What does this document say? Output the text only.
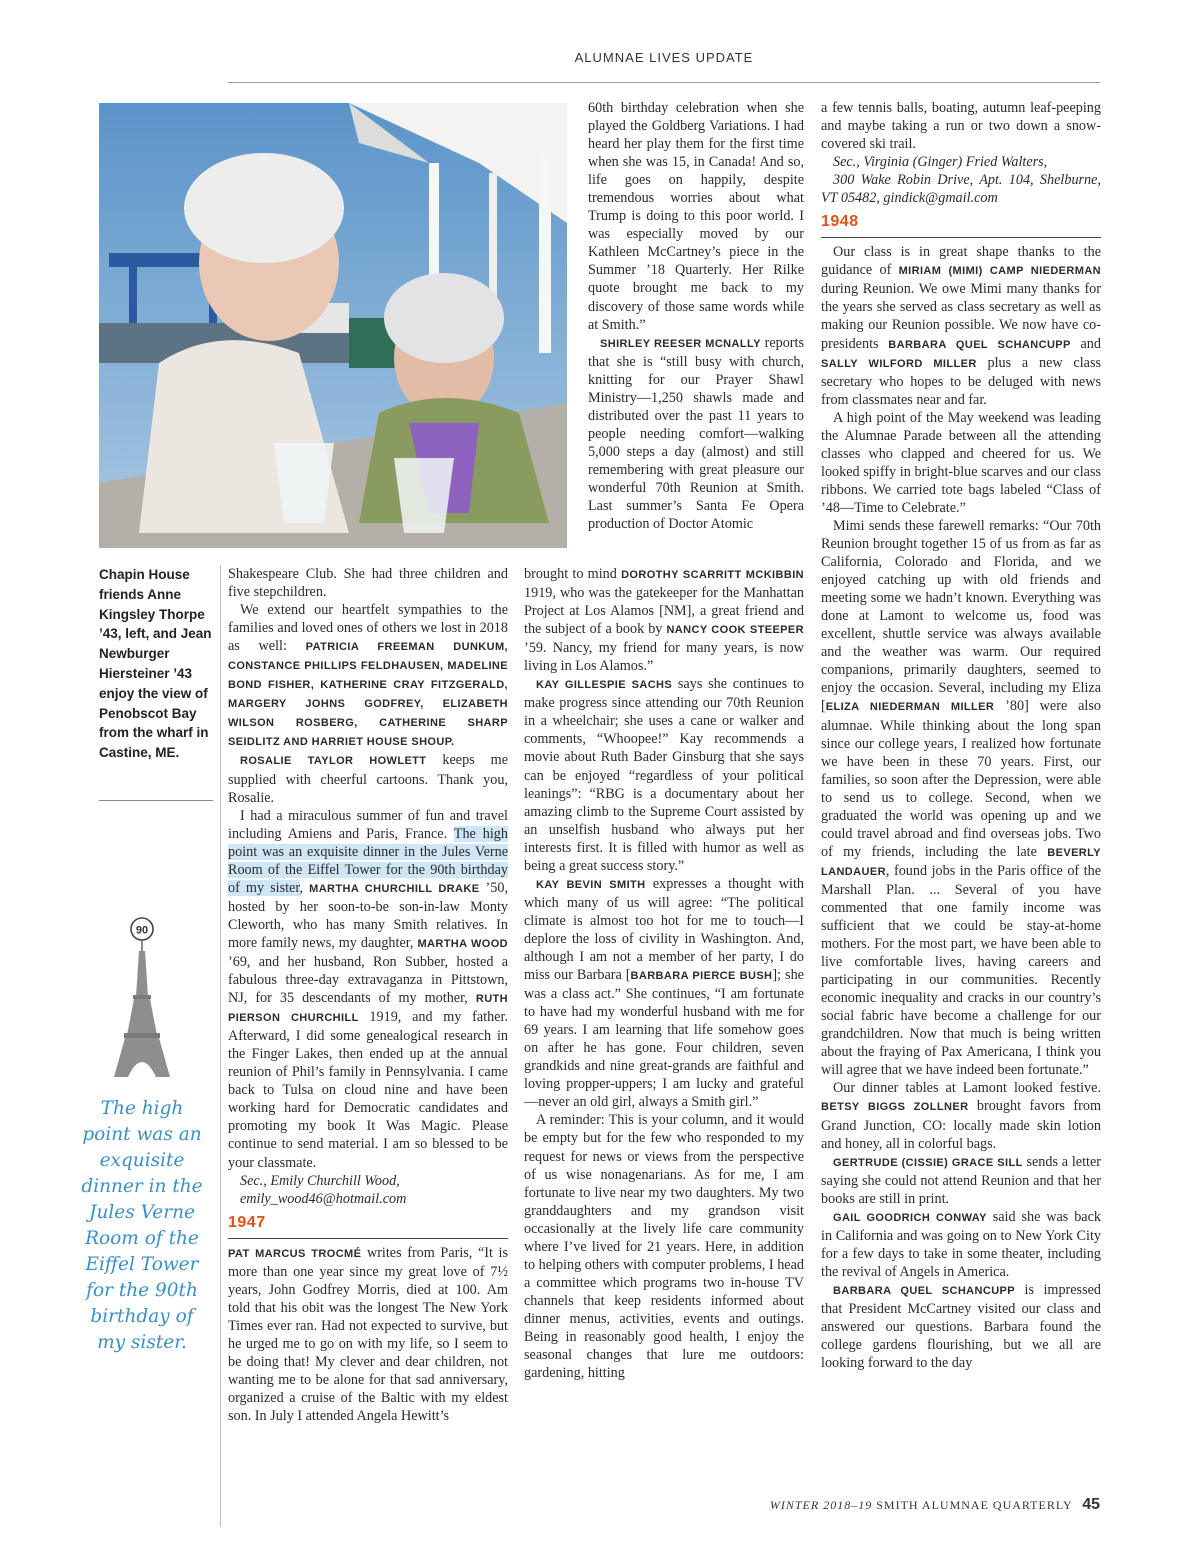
ALUMNAE LIVES UPDATE
Chapin House friends Anne Kingsley Thorpe ’43, left, and Jean Newburger Hiersteiner ’43 enjoy the view of Penobscot Bay from the wharf in Castine, ME.
90
The high point was an exquisite dinner in the Jules Verne Room of the Eiffel Tower for the 90th birthday of my sister.

60th birthday celebration when she played the Goldberg Variations. I had heard her play them for the first time when she was 15, in Canada! And so, life goes on happily, despite tremendous worries about what Trump is doing to this poor world. I was especially moved by our Kathleen McCartney’s piece in the Summer ’18 Quarterly. Her Rilke quote brought me back to my discovery of those same words while at Smith.”

SHIRLEY REESER MCNALLY reports that she is “still busy with church, knitting for our Prayer Shawl Ministry—1,250 shawls made and distributed over the past 11 years to people needing comfort—walking 5,000 steps a day (almost) and still remembering with great pleasure our wonderful 70th Reunion at Smith. Last summer’s Santa Fe Opera production of Doctor Atomic

Shakespeare Club. She had three children and five stepchildren.

We extend our heartfelt sympathies to the families and loved ones of others we lost in 2018 as well: PATRICIA FREEMAN DUNKUM, CONSTANCE PHILLIPS FELDHAUSEN, MADELINE BOND FISHER, KATHERINE CRAY FITZGERALD, MARGERY JOHNS GODFREY, ELIZABETH WILSON ROSBERG, CATHERINE SHARP SEIDLITZ AND HARRIET HOUSE SHOUP.

ROSALIE TAYLOR HOWLETT keeps me supplied with cheerful cartoons. Thank you, Rosalie.

I had a miraculous summer of fun and travel including Amiens and Paris, France. The high point was an exquisite dinner in the Jules Verne Room of the Eiffel Tower for the 90th birthday of my sister, MARTHA CHURCHILL DRAKE ’50, hosted by her soon-to-be son-in-law Monty Cleworth, who has many Smith relatives. In more family news, my daughter, MARTHA WOOD ’69, and her husband, Ron Subber, hosted a fabulous three-day extravaganza in Pittstown, NJ, for 35 descendants of my mother, RUTH PIERSON CHURCHILL 1919, and my father. Afterward, I did some genealogical research in the Finger Lakes, then ended up at the annual reunion of Phil’s family in Pennsylvania. I came back to Tulsa on cloud nine and have been working hard for Democratic candidates and promoting my book It Was Magic. Please continue to send material. I am so blessed to be your classmate.

Sec., Emily Churchill Wood,

emily_wood46@hotmail.com

1947

PAT MARCUS TROCMÉ writes from Paris, “It is more than one year since my great love of 7½ years, John Godfrey Morris, died at 100. Am told that his obit was the longest The New York Times ever ran. Had not expected to survive, but he urged me to go on with my life, so I seem to be doing that! My clever and dear children, not wanting me to be alone for that sad anniversary, organized a cruise of the Baltic with my eldest son. In July I attended Angela Hewitt’s

brought to mind DOROTHY SCARRITT MCKIBBIN 1919, who was the gatekeeper for the Manhattan Project at Los Alamos [NM], a great friend and the subject of a book by NANCY COOK STEEPER ’59. Nancy, my friend for many years, is now living in Los Alamos.”

KAY GILLESPIE SACHS says she continues to make progress since attending our 70th Reunion in a wheelchair; she uses a cane or walker and comments, “Whoopee!” Kay recommends a movie about Ruth Bader Ginsburg that she says can be enjoyed “regardless of your political leanings”: “RBG is a documentary about her amazing climb to the Supreme Court assisted by an unselfish husband who always put her interests first. It is filled with humor as well as being a great success story.”

KAY BEVIN SMITH expresses a thought with which many of us will agree: “The political climate is almost too hot for me to touch—I deplore the loss of civility in Washington. And, although I am not a member of her party, I do miss our Barbara [BARBARA PIERCE BUSH]; she was a class act.” She continues, “I am fortunate to have had my wonderful husband with me for 69 years. I am learning that life somehow goes on after he has gone. Four children, seven grandkids and nine great-grands are faithful and loving propper-uppers; I am lucky and grateful—never an old girl, always a Smith girl.”

A reminder: This is your column, and it would be empty but for the few who responded to my request for news or views from the perspective of us wise nonagenarians. As for me, I am fortunate to live near my two daughters. My two granddaughters and my grandson visit occasionally at the lively life care community where I’ve lived for 21 years. Here, in addition to helping others with computer problems, I head a committee which programs two in-house TV channels that keep residents informed about dinner menus, activities, events and outings. Being in reasonably good health, I enjoy the seasonal changes that lure me outdoors: gardening, hitting

a few tennis balls, boating, autumn leaf-peeping and maybe taking a run or two down a snow-covered ski trail.

Sec., Virginia (Ginger) Fried Walters,

300 Wake Robin Drive, Apt. 104, Shelburne, VT 05482, gindick@gmail.com

1948

Our class is in great shape thanks to the guidance of MIRIAM (MIMI) CAMP NIEDERMAN during Reunion. We owe Mimi many thanks for the years she served as class secretary as well as making our Reunion possible. We now have co-presidents BARBARA QUEL SCHANCUPP and SALLY WILFORD MILLER plus a new class secretary who hopes to be deluged with news from classmates near and far.

A high point of the May weekend was leading the Alumnae Parade between all the attending classes who clapped and cheered for us. We looked spiffy in bright-blue scarves and our class ribbons. We carried tote bags labeled “Class of ’48—Time to Celebrate.”

Mimi sends these farewell remarks: “Our 70th Reunion brought together 15 of us from as far as California, Colorado and Florida, and we enjoyed catching up with old friends and meeting some we hadn’t known. Everything was done at Lamont to welcome us, food was excellent, shuttle service was always available and the weather was warm. Our required companions, primarily daughters, seemed to enjoy the occasion. Several, including my Eliza [ELIZA NIEDERMAN MILLER ’80] were also alumnae. While thinking about the long span since our college years, I realized how fortunate we have been in these 70 years. First, our families, so soon after the Depression, were able to send us to college. Second, when we graduated the world was opening up and we could travel abroad and find overseas jobs. Two of my friends, including the late BEVERLY LANDAUER, found jobs in the Paris office of the Marshall Plan. ... Several of you have commented that one family income was sufficient that we could be stay-at-home mothers. For the most part, we have been able to live comfortable lives, having careers and participating in our communities. Recently economic inequality and cracks in our country’s social fabric have become a challenge for our grandchildren. Now that much is being written about the fraying of Pax Americana, I think you will agree that we have indeed been fortunate.”

Our dinner tables at Lamont looked festive. BETSY BIGGS ZOLLNER brought favors from Grand Junction, CO: locally made skin lotion and honey, all in colorful bags.

GERTRUDE (CISSIE) GRACE SILL sends a letter saying she could not attend Reunion and that her books are still in print.

GAIL GOODRICH CONWAY said she was back in California and was going on to New York City for a few days to take in some theater, including the revival of Angels in America.

BARBARA QUEL SCHANCUPP is impressed that President McCartney visited our class and answered our questions. Barbara found the college gardens flourishing, but we all are looking forward to the day

WINTER 2018–19 SMITH ALUMNAE QUARTERLY 45
